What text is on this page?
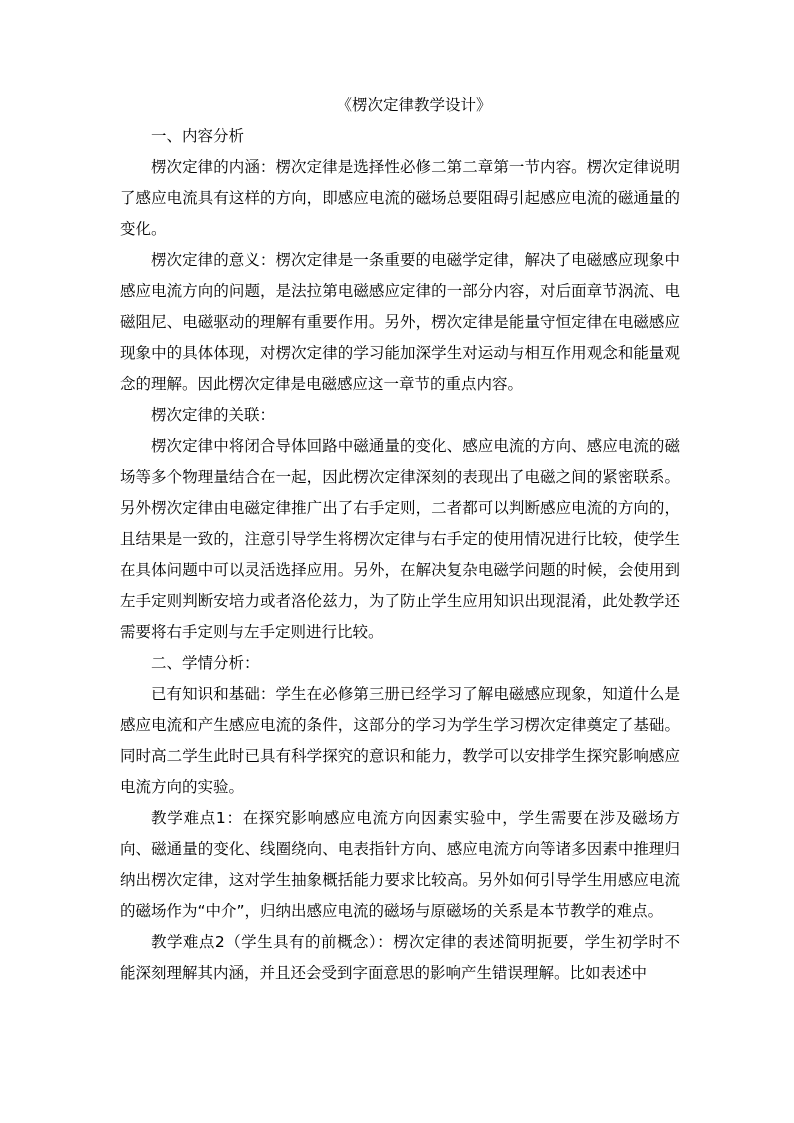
《楞次定律教学设计》

一、内容分析

楞次定律的内涵：楞次定律是选择性必修二第二章第一节内容。楞次定律说明了感应电流具有这样的方向，即感应电流的磁场总要阻碍引起感应电流的磁通量的变化。

楞次定律的意义：楞次定律是一条重要的电磁学定律，解决了电磁感应现象中感应电流方向的问题，是法拉第电磁感应定律的一部分内容，对后面章节涡流、电磁阻尼、电磁驱动的理解有重要作用。另外，楞次定律是能量守恒定律在电磁感应现象中的具体体现，对楞次定律的学习能加深学生对运动与相互作用观念和能量观念的理解。因此楞次定律是电磁感应这一章节的重点内容。

楞次定律的关联：

楞次定律中将闭合导体回路中磁通量的变化、感应电流的方向、感应电流的磁场等多个物理量结合在一起，因此楞次定律深刻的表现出了电磁之间的紧密联系。另外楞次定律由电磁定律推广出了右手定则，二者都可以判断感应电流的方向的，且结果是一致的，注意引导学生将楞次定律与右手定的使用情况进行比较，使学生在具体问题中可以灵活选择应用。另外，在解决复杂电磁学问题的时候，会使用到左手定则判断安培力或者洛伦兹力，为了防止学生应用知识出现混淆，此处教学还需要将右手定则与左手定则进行比较。

二、学情分析：

已有知识和基础：学生在必修第三册已经学习了解电磁感应现象，知道什么是感应电流和产生感应电流的条件，这部分的学习为学生学习楞次定律奠定了基础。同时高二学生此时已具有科学探究的意识和能力，教学可以安排学生探究影响感应电流方向的实验。

教学难点1：在探究影响感应电流方向因素实验中，学生需要在涉及磁场方向、磁通量的变化、线圈绕向、电表指针方向、感应电流方向等诸多因素中推理归纳出楞次定律，这对学生抽象概括能力要求比较高。另外如何引导学生用感应电流的磁场作为“中介”，归纳出感应电流的磁场与原磁场的关系是本节教学的难点。

教学难点2（学生具有的前概念）：楞次定律的表述简明扼要，学生初学时不能深刻理解其内涵，并且还会受到字面意思的影响产生错误理解。比如表述中
